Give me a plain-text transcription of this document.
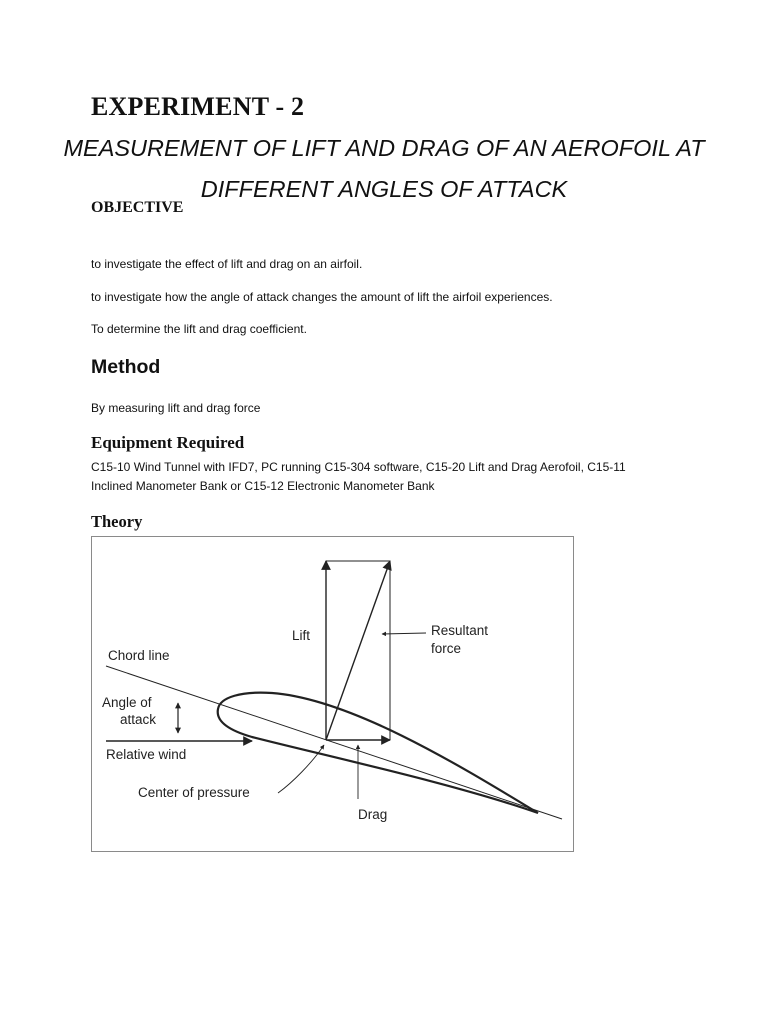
EXPERIMENT - 2
MEASUREMENT OF LIFT AND DRAG OF AN AEROFOIL AT
DIFFERENT ANGLES OF ATTACK
OBJECTIVE
to investigate the effect of lift and drag on an airfoil.
to investigate how the angle of attack changes the amount of lift the airfoil experiences.
To determine the lift and drag coefficient.
Method
By measuring lift and drag force
Equipment Required
C15-10 Wind Tunnel with IFD7, PC running C15-304 software, C15-20 Lift and Drag Aerofoil, C15-11
Inclined Manometer Bank or C15-12 Electronic Manometer Bank
Theory
Lift	Resultant
force
Chord line
Angle of
attack
Relative wind
Center of pressure
Drag
